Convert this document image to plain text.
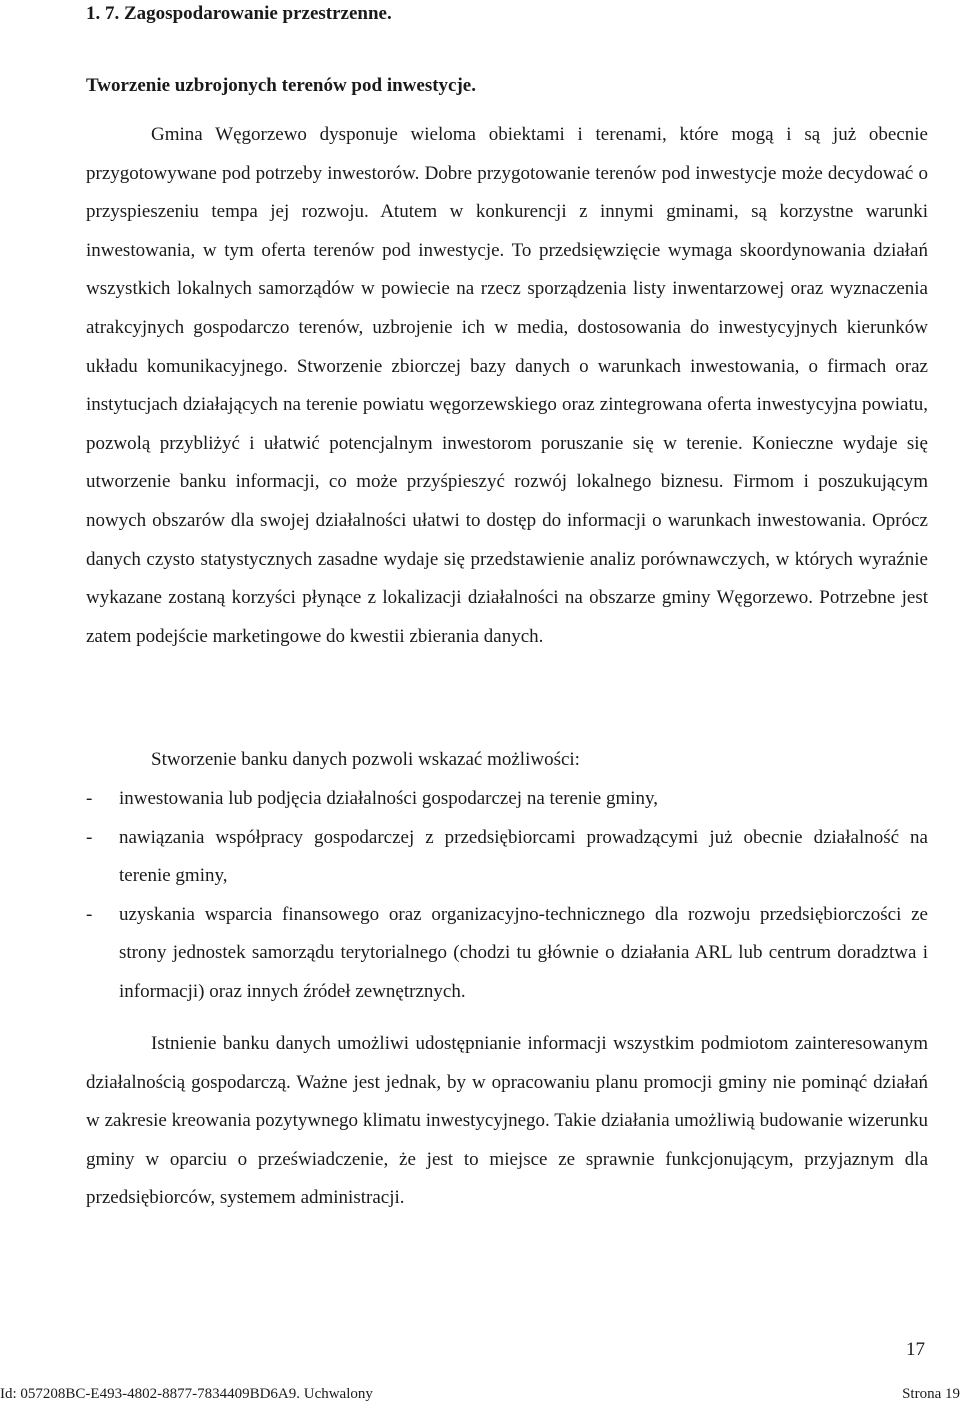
1. 7. Zagospodarowanie przestrzenne.
Tworzenie uzbrojonych terenów pod inwestycje.

Gmina Węgorzewo dysponuje wieloma obiektami i terenami, które mogą i są już obecnie przygotowywane pod potrzeby inwestorów. Dobre przygotowanie terenów pod inwestycje może decydować o przyspieszeniu tempa jej rozwoju. Atutem w konkurencji z innymi gminami, są korzystne warunki inwestowania, w tym oferta terenów pod inwestycje. To przedsięwzięcie wymaga skoordynowania działań wszystkich lokalnych samorządów w powiecie na rzecz sporządzenia listy inwentarzowej oraz wyznaczenia atrakcyjnych gospodarczo terenów, uzbrojenie ich w media, dostosowania do inwestycyjnych kierunków układu komunikacyjnego. Stworzenie zbiorczej bazy danych o warunkach inwestowania, o firmach oraz instytucjach działających na terenie powiatu węgorzewskiego oraz zintegrowana oferta inwestycyjna powiatu, pozwolą przybliżyć i ułatwić potencjalnym inwestorom poruszanie się w terenie. Konieczne wydaje się utworzenie banku informacji, co może przyśpieszyć rozwój lokalnego biznesu. Firmom i poszukującym nowych obszarów dla swojej działalności ułatwi to dostęp do informacji o warunkach inwestowania. Oprócz danych czysto statystycznych zasadne wydaje się przedstawienie analiz porównawczych, w których wyraźnie wykazane zostaną korzyści płynące z lokalizacji działalności na obszarze gminy Węgorzewo. Potrzebne jest zatem podejście marketingowe do kwestii zbierania danych.

Stworzenie banku danych pozwoli wskazać możliwości:

- inwestowania lub podjęcia działalności gospodarczej na terenie gminy,
- nawiązania współpracy gospodarczej z przedsiębiorcami prowadzącymi już obecnie działalność na terenie gminy,
- uzyskania wsparcia finansowego oraz organizacyjno-technicznego dla rozwoju przedsiębiorczości ze strony jednostek samorządu terytorialnego (chodzi tu głównie o działania ARL lub centrum doradztwa i informacji) oraz innych źródeł zewnętrznych.

Istnienie banku danych umożliwi udostępnianie informacji wszystkim podmiotom zainteresowanym działalnością gospodarczą. Ważne jest jednak, by w opracowaniu planu promocji gminy nie pominąć działań w zakresie kreowania pozytywnego klimatu inwestycyjnego. Takie działania umożliwią budowanie wizerunku gminy w oparciu o przeświadczenie, że jest to miejsce ze sprawnie funkcjonującym, przyjaznym dla przedsiębiorców, systemem administracji.

17
Id: 057208BC-E493-4802-8877-7834409BD6A9. Uchwalony	Strona 19
